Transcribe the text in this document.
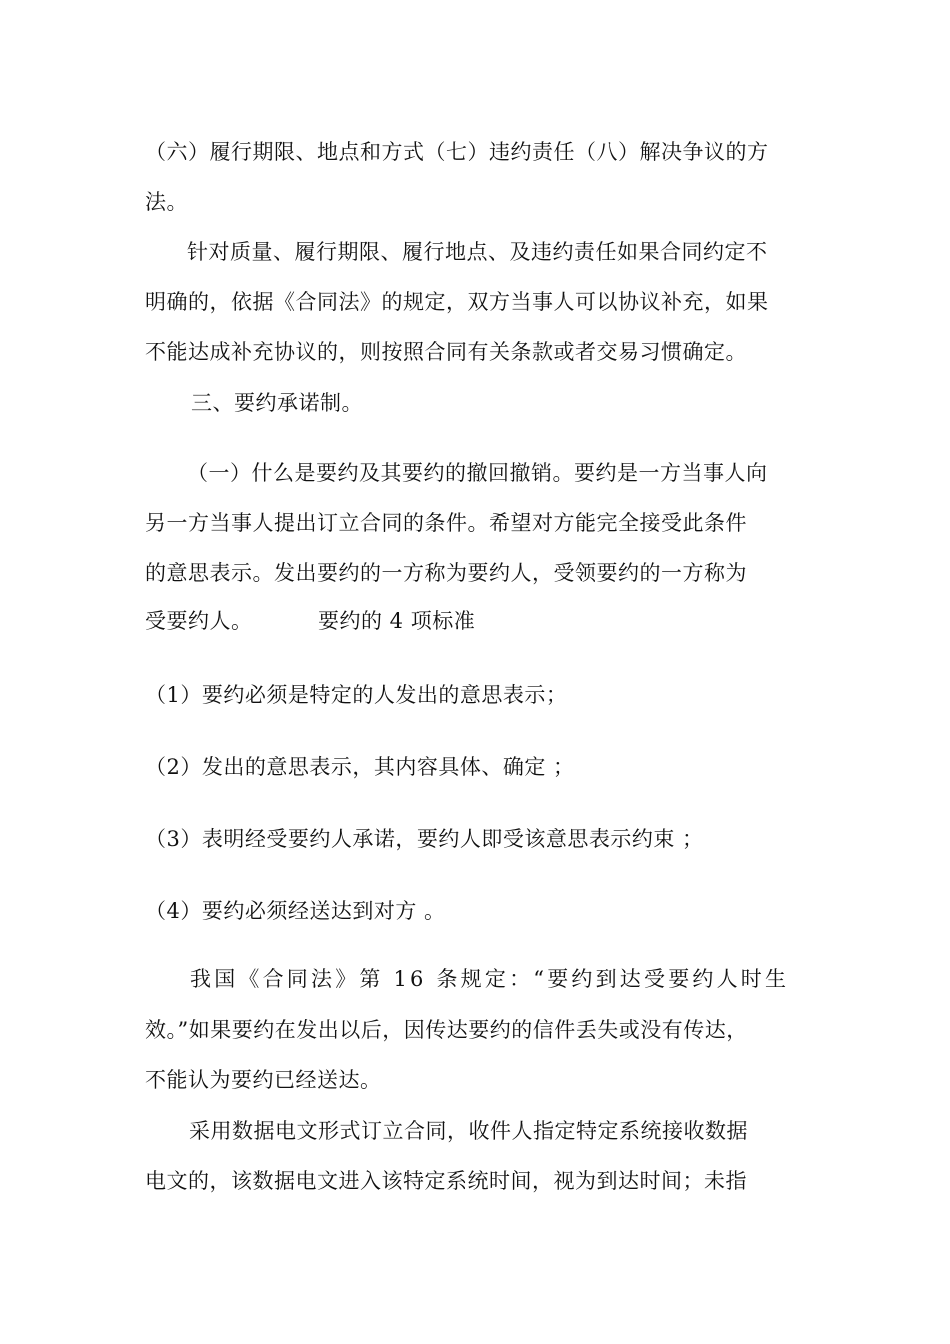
（六）履行期限、地点和方式（七）违约责任（八）解决争议的方
法。
针对质量、履行期限、履行地点、及违约责任如果合同约定不
明确的，依据《合同法》的规定，双方当事人可以协议补充，如果
不能达成补充协议的，则按照合同有关条款或者交易习惯确定。
三、要约承诺制。
（一）什么是要约及其要约的撤回撤销。要约是一方当事人向
另一方当事人提出订立合同的条件。希望对方能完全接受此条件
的意思表示。发出要约的一方称为要约人，受领要约的一方称为
受要约人。	要约的 4 项标准
（1）要约必须是特定的人发出的意思表示；
（2）发出的意思表示，其内容具体、确定 ；
（3）表明经受要约人承诺，要约人即受该意思表示约束 ；
（4）要约必须经送达到对方 。
我国《合同法》第 16 条规定：“要约到达受要约人时生
效。”如果要约在发出以后，因传达要约的信件丢失或没有传达，
不能认为要约已经送达。
采用数据电文形式订立合同，收件人指定特定系统接收数据
电文的，该数据电文进入该特定系统时间，视为到达时间；未指
